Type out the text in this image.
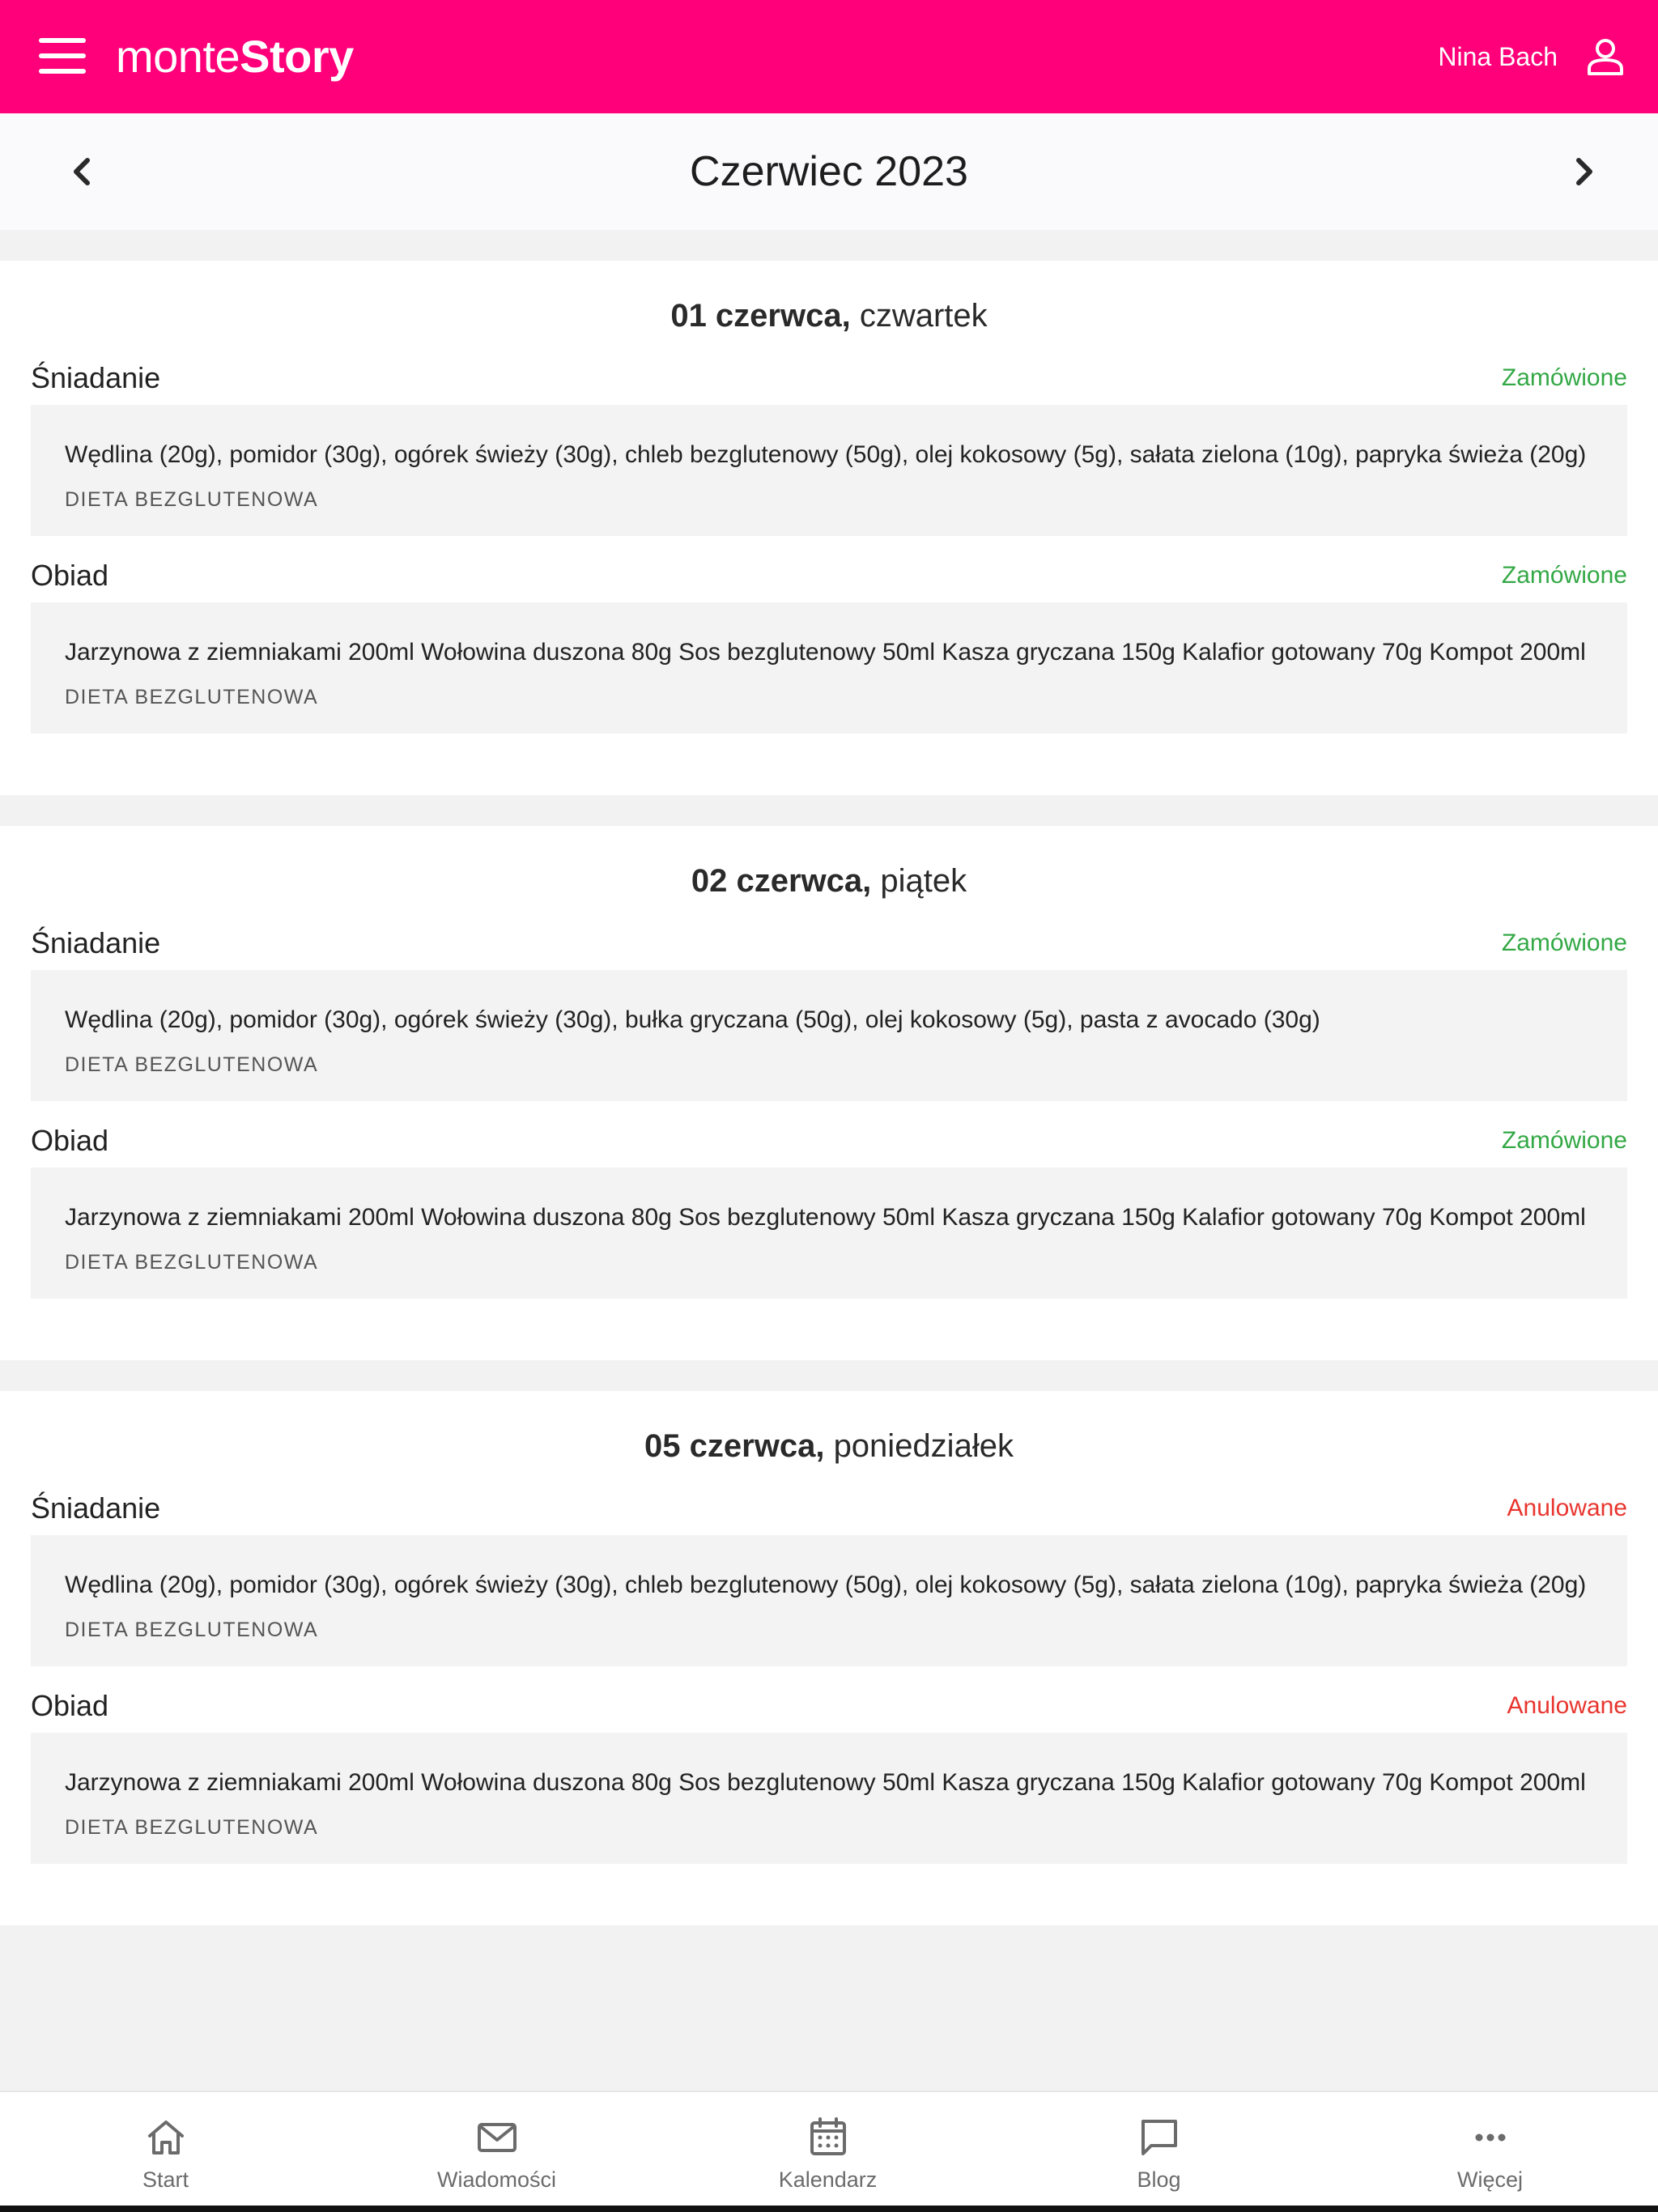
monteStory	Nina Bach
Czerwiec 2023
01 czerwca, czwartek
Śniadanie	Zamówione
Wędlina (20g), pomidor (30g), ogórek świeży (30g), chleb bezglutenowy (50g), olej kokosowy (5g), sałata zielona (10g), papryka świeża (20g)
DIETA BEZGLUTENOWA
Obiad	Zamówione
Jarzynowa z ziemniakami 200ml Wołowina duszona 80g Sos bezglutenowy 50ml Kasza gryczana 150g Kalafior gotowany 70g Kompot 200ml
DIETA BEZGLUTENOWA
02 czerwca, piątek
Śniadanie	Zamówione
Wędlina (20g), pomidor (30g), ogórek świeży (30g), bułka gryczana (50g), olej kokosowy (5g), pasta z avocado (30g)
DIETA BEZGLUTENOWA
Obiad	Zamówione
Jarzynowa z ziemniakami 200ml Wołowina duszona 80g Sos bezglutenowy 50ml Kasza gryczana 150g Kalafior gotowany 70g Kompot 200ml
DIETA BEZGLUTENOWA
05 czerwca, poniedziałek
Śniadanie	Anulowane
Wędlina (20g), pomidor (30g), ogórek świeży (30g), chleb bezglutenowy (50g), olej kokosowy (5g), sałata zielona (10g), papryka świeża (20g)
DIETA BEZGLUTENOWA
Obiad	Anulowane
Jarzynowa z ziemniakami 200ml Wołowina duszona 80g Sos bezglutenowy 50ml Kasza gryczana 150g Kalafior gotowany 70g Kompot 200ml
DIETA BEZGLUTENOWA
Start	Wiadomości	Kalendarz	Blog	Więcej
